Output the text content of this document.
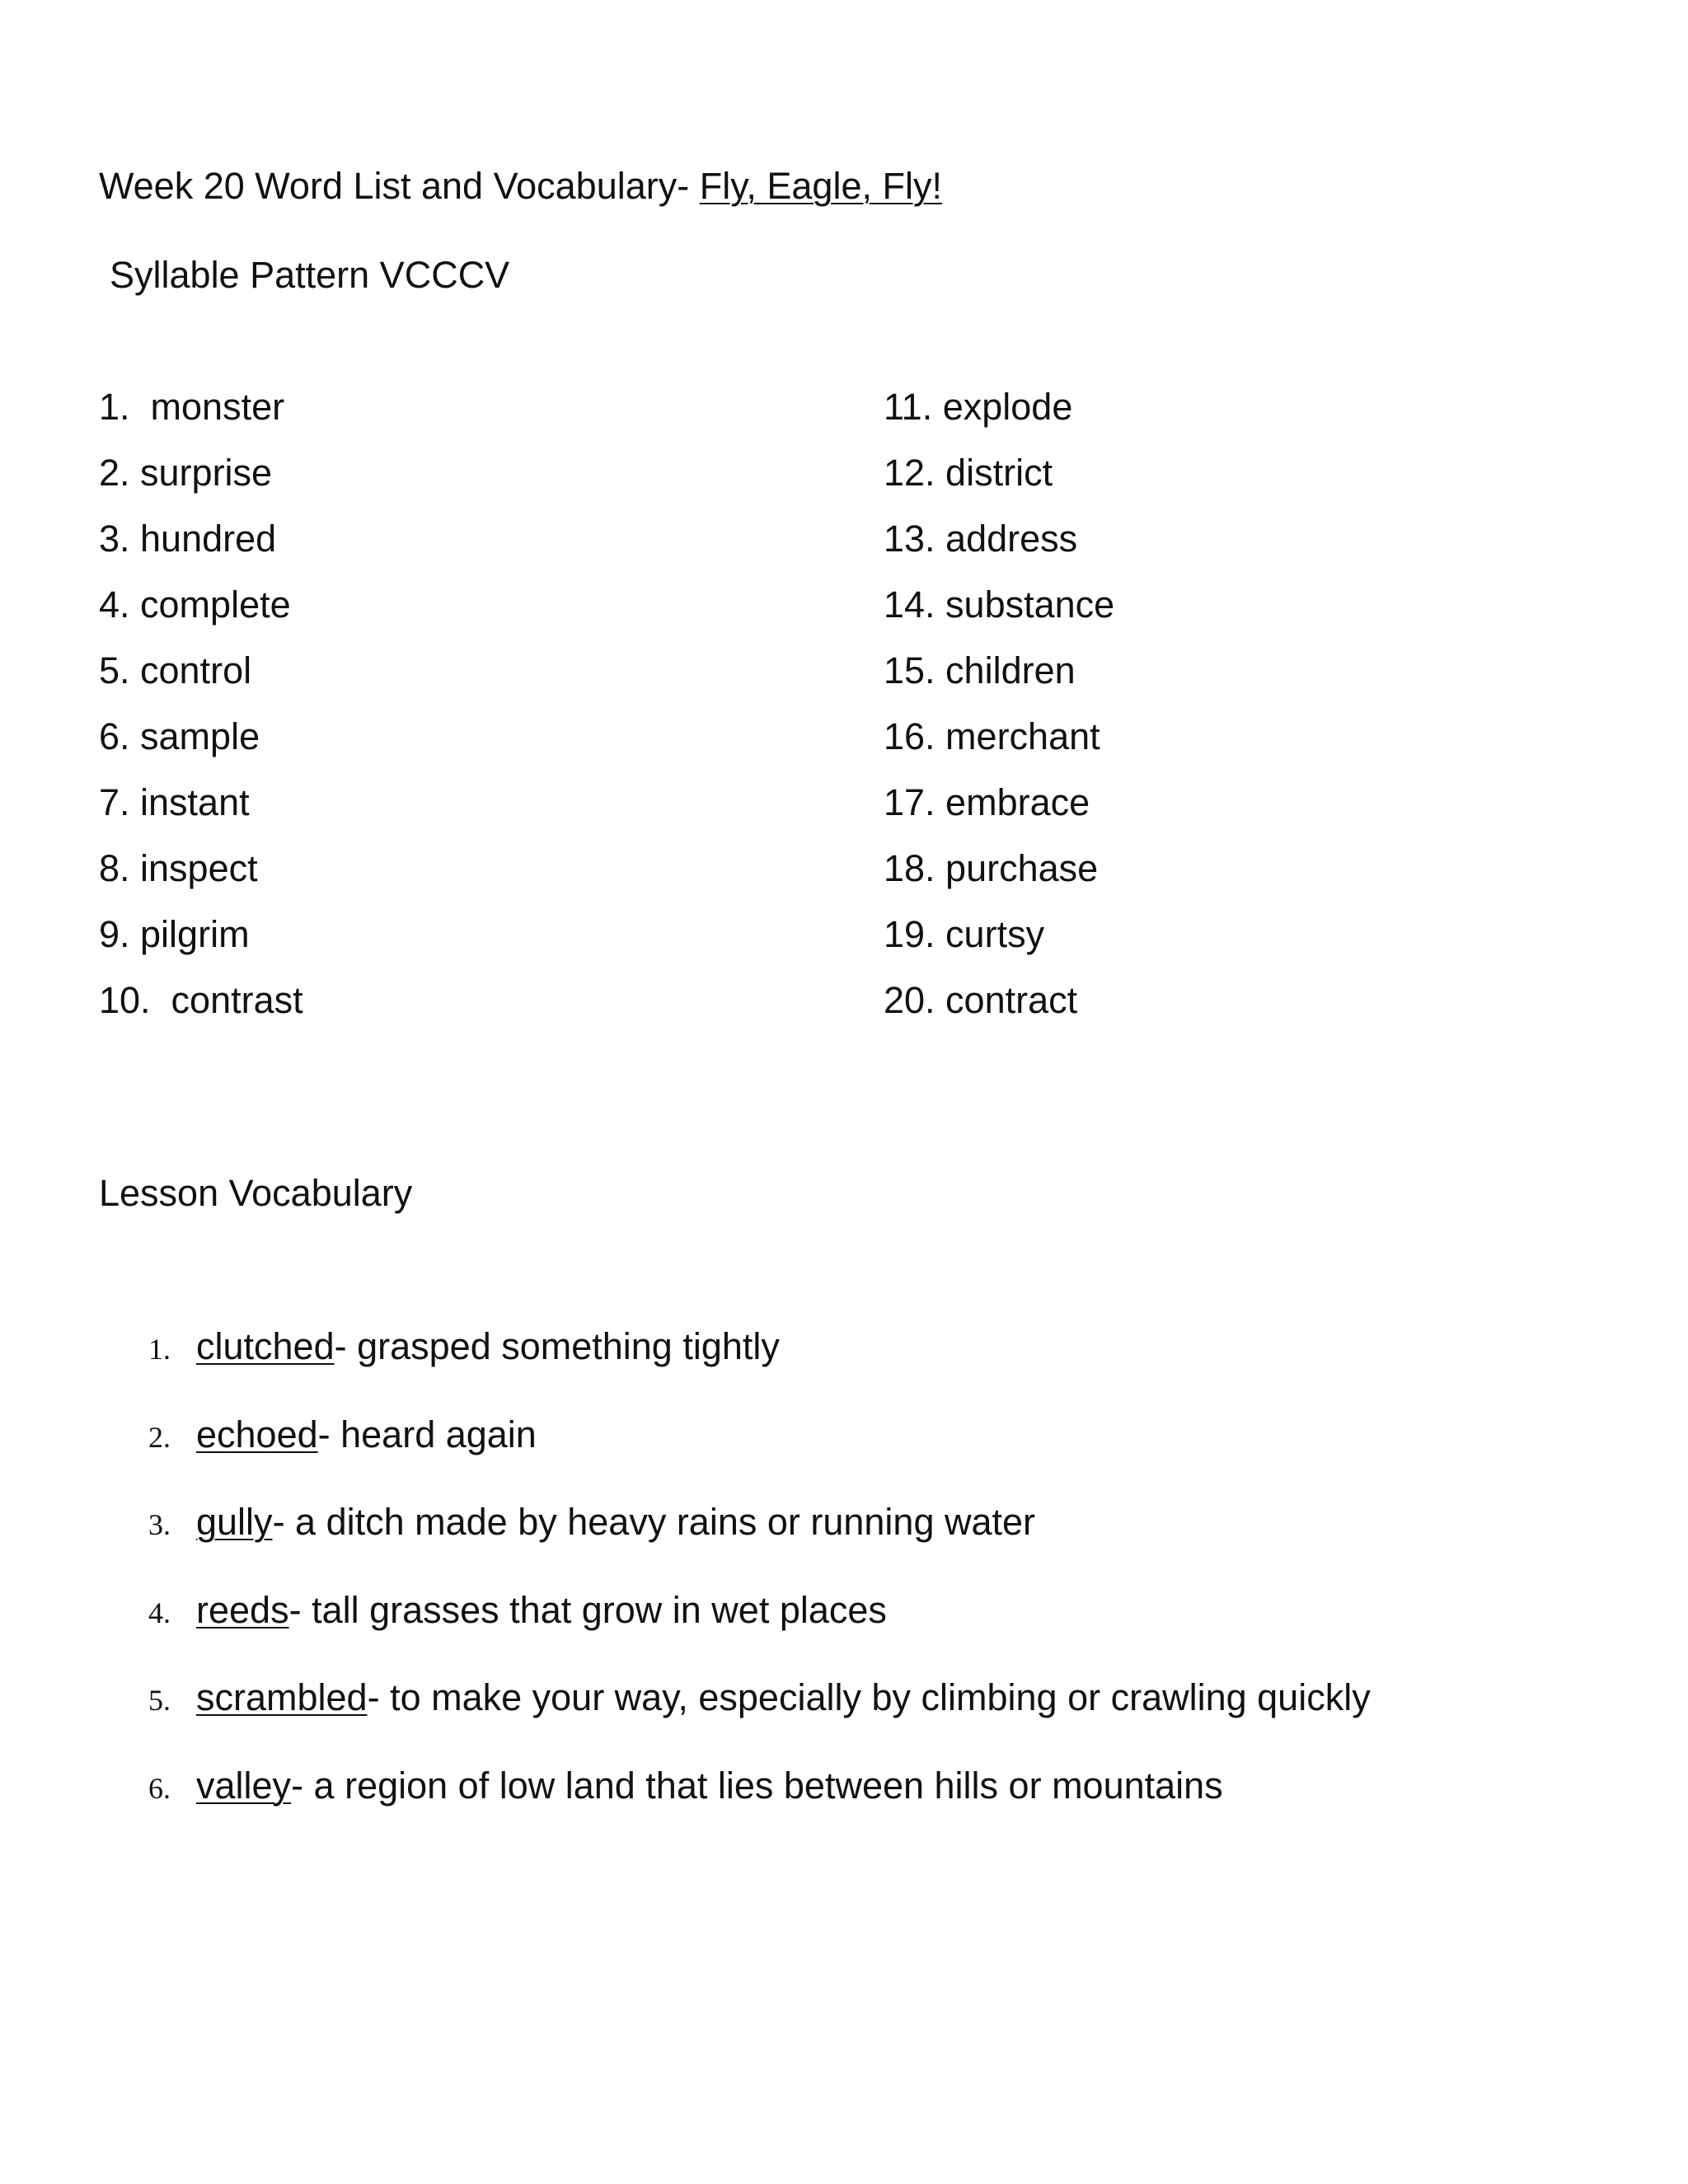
Week 20 Word List and Vocabulary- Fly, Eagle, Fly!
Syllable Pattern VCCCV
1.  monster
2. surprise
3. hundred
4. complete
5. control
6. sample
7. instant
8. inspect
9. pilgrim
10.  contrast
11. explode
12. district
13. address
14. substance
15. children
16. merchant
17. embrace
18. purchase
19. curtsy
20. contract
Lesson Vocabulary
1. clutched- grasped something tightly
2. echoed- heard again
3. gully- a ditch made by heavy rains or running water
4. reeds- tall grasses that grow in wet places
5. scrambled- to make your way, especially by climbing or crawling quickly
6. valley- a region of low land that lies between hills or mountains
